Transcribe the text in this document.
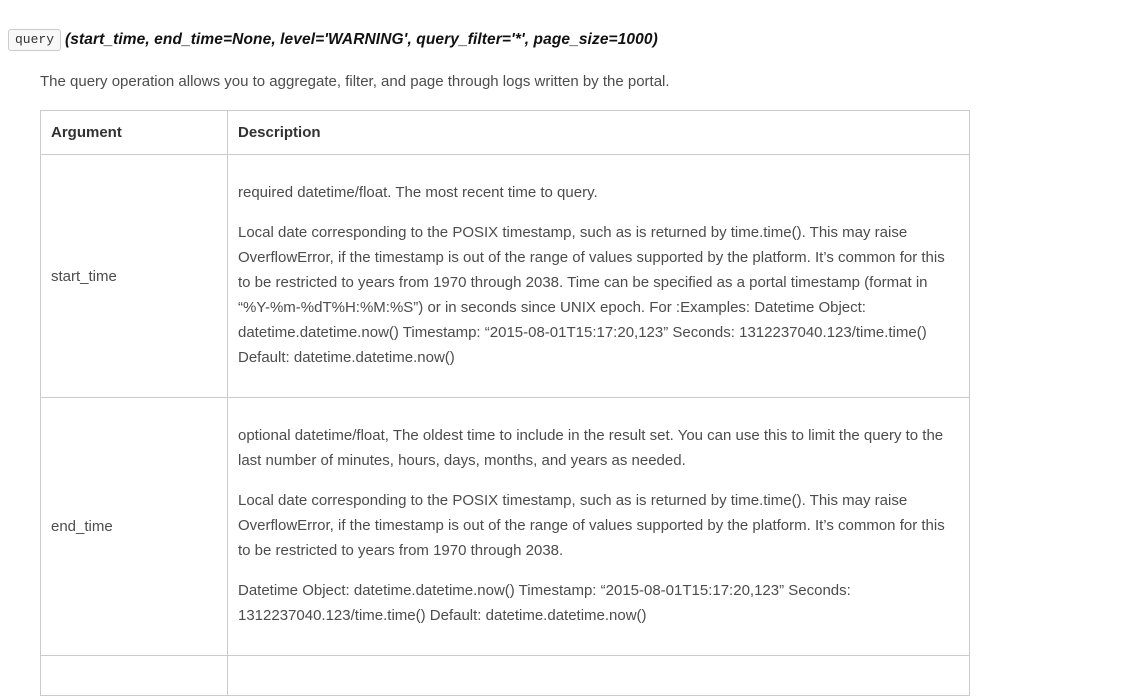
query (start_time, end_time=None, level='WARNING', query_filter='*', page_size=1000)

The query operation allows you to aggregate, filter, and page through logs written by the portal.

Argument	Description
start_time	required datetime/float. The most recent time to query.

Local date corresponding to the POSIX timestamp, such as is returned by time.time(). This may raise OverflowError, if the timestamp is out of the range of values supported by the platform. It’s common for this to be restricted to years from 1970 through 2038. Time can be specified as a portal timestamp (format in “%Y-%m-%dT%H:%M:%S”) or in seconds since UNIX epoch. For :Examples: Datetime Object: datetime.datetime.now() Timestamp: “2015-08-01T15:17:20,123” Seconds: 1312237040.123/time.time() Default: datetime.datetime.now()

end_time	optional datetime/float, The oldest time to include in the result set. You can use this to limit the query to the last number of minutes, hours, days, months, and years as needed.

Local date corresponding to the POSIX timestamp, such as is returned by time.time(). This may raise OverflowError, if the timestamp is out of the range of values supported by the platform. It’s common for this to be restricted to years from 1970 through 2038.

Datetime Object: datetime.datetime.now() Timestamp: “2015-08-01T15:17:20,123” Seconds: 1312237040.123/time.time() Default: datetime.datetime.now()
